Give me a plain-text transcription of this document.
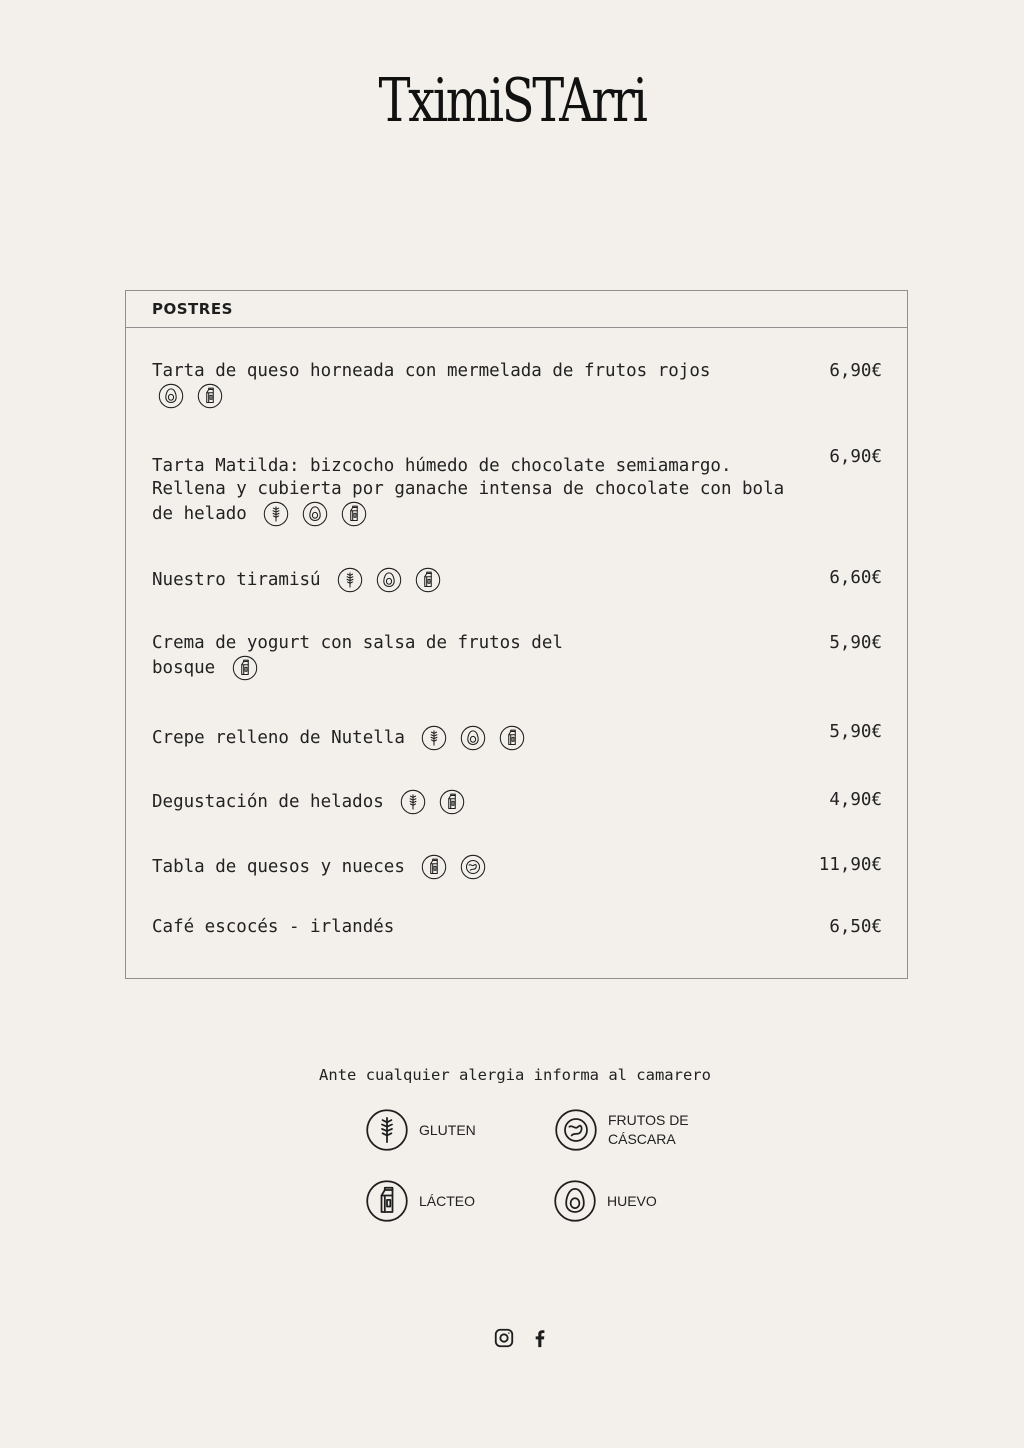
TximiSTArri
POSTRES
6,90€
Tarta de queso horneada con mermelada de frutos rojos
6,90€
Tarta Matilda: bizcocho húmedo de chocolate semiamargo. Rellena y cubierta por ganache intensa de chocolate con bola de helado
6,60€
Nuestro tiramisú
5,90€
Crema de yogurt con salsa de frutos del bosque
5,90€
Crepe relleno de Nutella
4,90€
Degustación de helados
11,90€
Tabla de quesos y nueces
6,50€
Café escocés - irlandés
Ante cualquier alergia informa al camarero
GLUTEN
FRUTOS DE
CÁSCARA
LÁCTEO	HUEVO
